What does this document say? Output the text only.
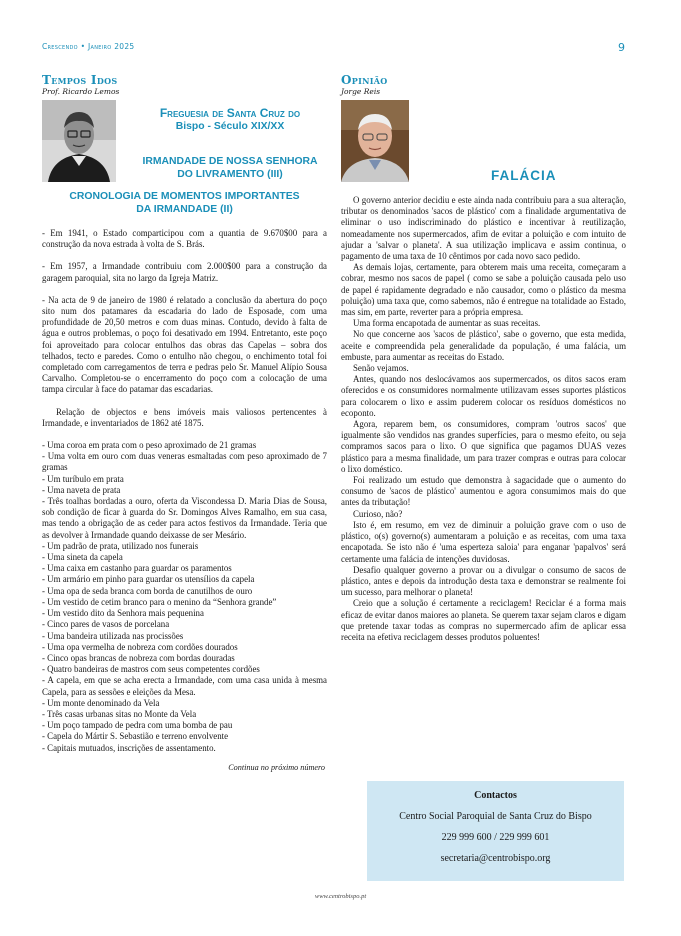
Crescendo • Janeiro 2025	9
Tempos Idos
Prof. Ricardo Lemos
Freguesia de Santa Cruz do
Bispo - Século XIX/XX
IRMANDADE DE NOSSA SENHORA
DO LIVRAMENTO (III)
CRONOLOGIA DE MOMENTOS IMPORTANTES
DA IRMANDADE (II)

- Em 1941, o Estado comparticipou com a quantia de 9.670$00 para a construção da nova estrada à volta de S. Brás.

- Em 1957, a Irmandade contribuiu com 2.000$00 para a construção da garagem paroquial, sita no largo da Igreja Matriz.

- Na acta de 9 de janeiro de 1980 é relatado a conclusão da abertura do poço sito num dos patamares da escadaria do lado de Esposade, com uma profundidade de 20,50 metros e com duas minas. Contudo, devido à falta de água e outros problemas, o poço foi desativado em 1994. Entretanto, este poço foi aproveitado para colocar entulhos das obras das Capelas – sobra dos telhados, tecto e paredes. Como o entulho não chegou, o enchimento total foi completado com carregamentos de terra e pedras pelo Sr. Manuel Alípio Sousa Carvalho. Completou-se o encerramento do poço com a colocação de uma tampa circular à face do patamar das escadarias.

Relação de objectos e bens imóveis mais valiosos pertencentes à Irmandade, e inventariados de 1862 até 1875.

- Uma coroa em prata com o peso aproximado de 21 gramas
- Uma volta em ouro com duas veneras esmaltadas com peso aproximado de 7 gramas
- Um turíbulo em prata
- Uma naveta de prata
- Três toalhas bordadas a ouro, oferta da Viscondessa D. Maria Dias de Sousa, sob condição de ficar à guarda do Sr. Domingos Alves Ramalho, em sua casa, mas tendo a obrigação de as ceder para actos festivos da Irmandade. Teria que as devolver à Irmandade quando deixasse de ser Mesário.
- Um padrão de prata, utilizado nos funerais
- Uma sineta da capela
- Uma caixa em castanho para guardar os paramentos
- Um armário em pinho para guardar os utensílios da capela
- Uma opa de seda branca com borda de canutilhos de ouro
- Um vestido de cetim branco para o menino da “Senhora grande”
- Um vestido dito da Senhora mais pequenina
- Cinco pares de vasos de porcelana
- Uma bandeira utilizada nas procissões
- Uma opa vermelha de nobreza com cordões dourados
- Cinco opas brancas de nobreza com bordas douradas
- Quatro bandeiras de mastros com seus competentes cordões
- A capela, em que se acha erecta a Irmandade, com uma casa unida à mesma Capela, para as sessões e eleições da Mesa.
- Um monte denominado da Vela
- Três casas urbanas sitas no Monte da Vela
- Um poço tampado de pedra com uma bomba de pau
- Capela do Mártir S. Sebastião e terreno envolvente
- Capitais mutuados, inscrições de assentamento.
Continua no próximo número
Opinião
Jorge Reis
FALÁCIA

O governo anterior decidiu e este ainda nada contribuiu para a sua alteração, tributar os denominados 'sacos de plástico' com a finalidade argumentativa de eliminar o uso indiscriminado do plástico e incentivar à reutilização, nomeadamente nos supermercados, afim de evitar a poluição e com intuito de ajudar a 'salvar o planeta'. A sua utilização implicava e assim continua, o pagamento de uma taxa de 10 cêntimos por cada novo saco pedido.

As demais lojas, certamente, para obterem mais uma receita, começaram a cobrar, mesmo nos sacos de papel ( como se sabe a poluição causada pelo uso de papel é rapidamente degradado e não causador, como o plástico da mesma poluição) uma taxa que, como sabemos, não é entregue na totalidade ao Estado, mas sim, em parte, reverter para a própria empresa.

Uma forma encapotada de aumentar as suas receitas.

No que concerne aos 'sacos de plástico', sabe o governo, que esta medida, aceite e compreendida pela generalidade da população, é uma falácia, um embuste, para aumentar as receitas do Estado.

Senão vejamos.

Antes, quando nos deslocávamos aos supermercados, os ditos sacos eram oferecidos e os consumidores normalmente utilizavam esses suportes plásticos para colocarem o lixo e assim puderem colocar os resíduos domésticos no ecoponto.

Agora, reparem bem, os consumidores, compram 'outros sacos' que igualmente são vendidos nas grandes superfícies, para o mesmo efeito, ou seja compramos sacos para o lixo. O que significa que pagamos DUAS vezes plástico para a mesma finalidade, um para trazer compras e outras para colocar o lixo doméstico.

Foi realizado um estudo que demonstra à sagacidade que o aumento do consumo de 'sacos de plástico' aumentou e agora consumimos mais do que antes da tributação!

Curioso, não?

Isto é, em resumo, em vez de diminuir a poluição grave com o uso de plástico, o(s) governo(s) aumentaram a poluição e as receitas, com uma taxa encapotada. Se isto não é 'uma esperteza saloia' para enganar 'papalvos' será certamente uma falácia de intenções duvidosas.

Desafio qualquer governo a provar ou a divulgar o consumo de sacos de plástico, antes e depois da introdução desta taxa e demonstrar se realmente foi um sucesso, para melhorar o planeta!

Creio que a solução é certamente a reciclagem! Reciclar é a forma mais eficaz de evitar danos maiores ao planeta. Se querem taxar sejam claros e digam que pretende taxar todas as compras no supermercado afim de aplicar essa receita na efetiva reciclagem desses produtos poluentes!

Contactos
Centro Social Paroquial de Santa Cruz do Bispo
229 999 600 / 229 999 601
secretaria@centrobispo.org
www.centrobispo.pt
